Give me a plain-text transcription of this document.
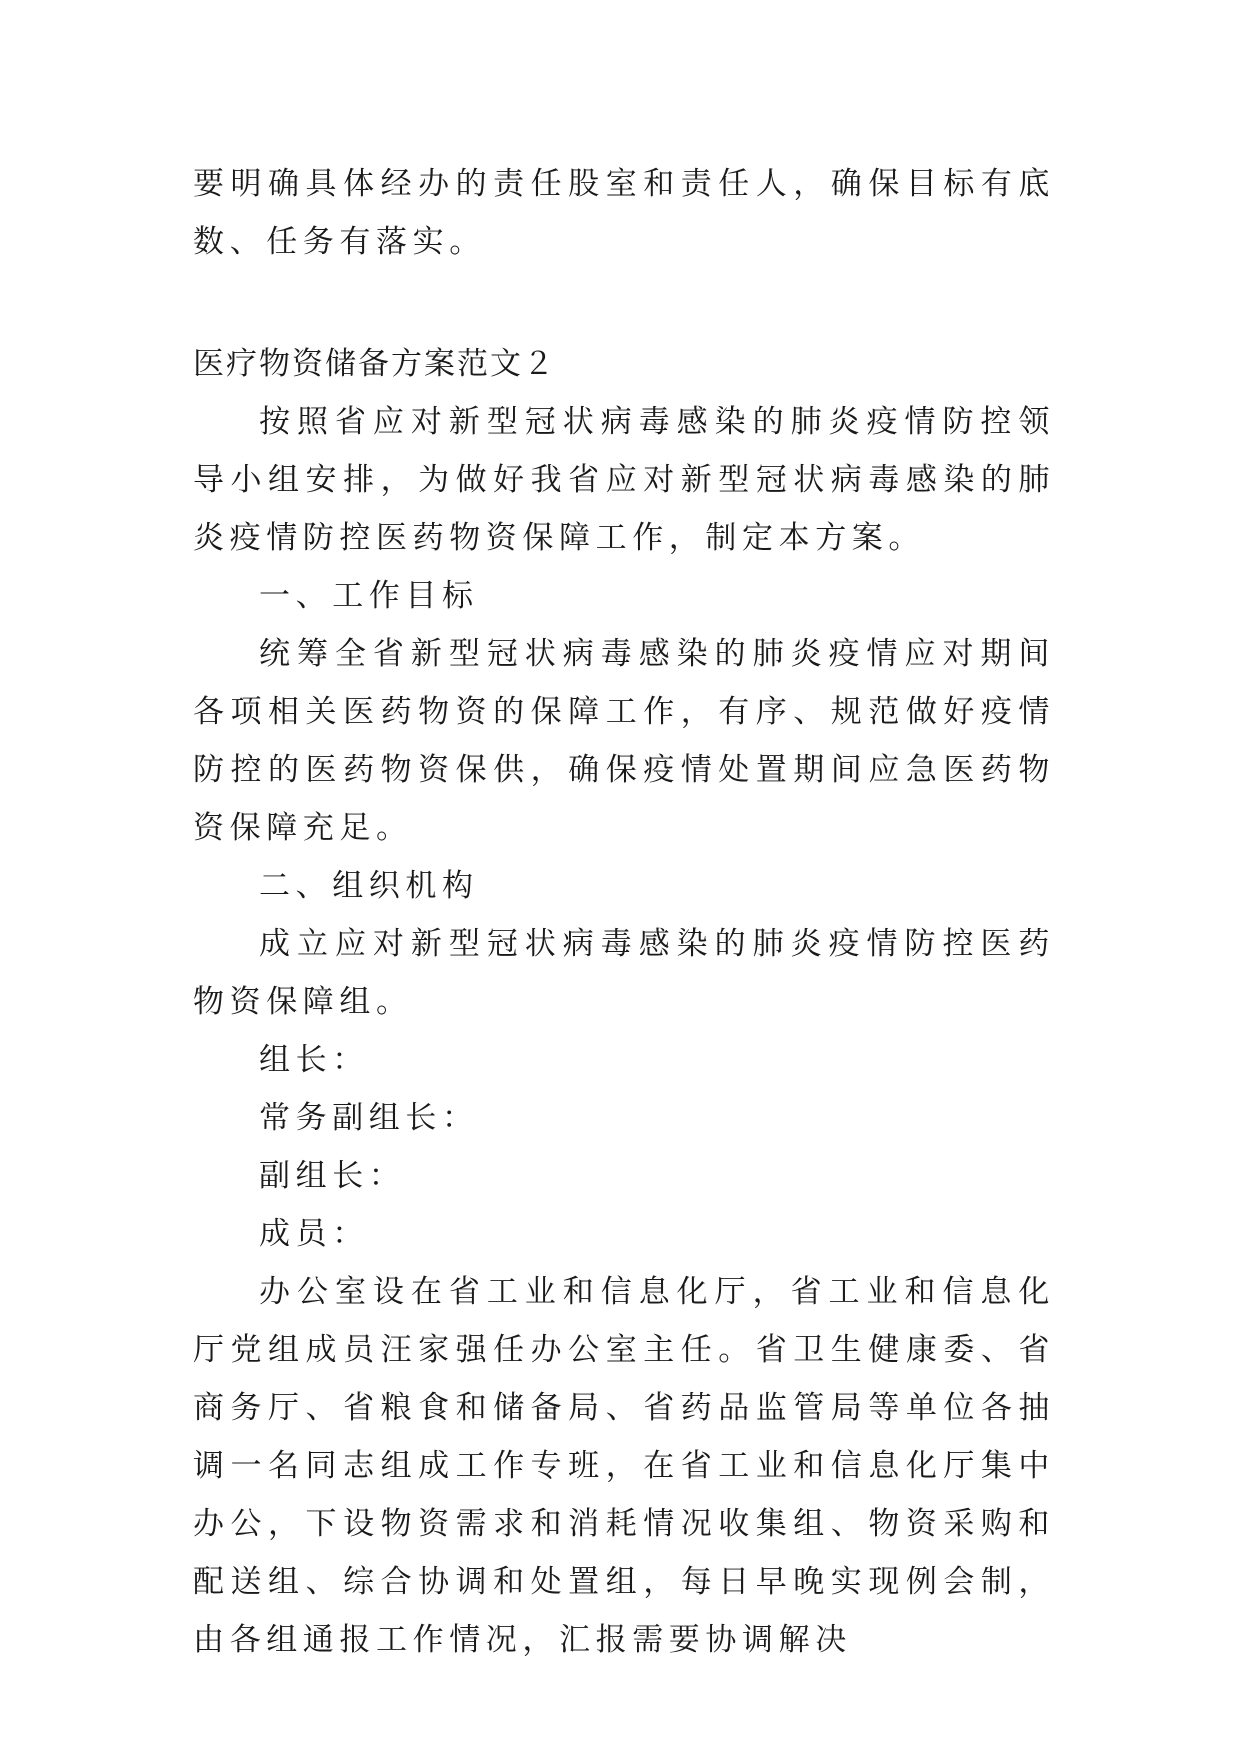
要明确具体经办的责任股室和责任人，确保目标有底数、任务有落实。

医疗物资储备方案范文２

按照省应对新型冠状病毒感染的肺炎疫情防控领导小组安排，为做好我省应对新型冠状病毒感染的肺炎疫情防控医药物资保障工作，制定本方案。

一、工作目标

统筹全省新型冠状病毒感染的肺炎疫情应对期间各项相关医药物资的保障工作，有序、规范做好疫情防控的医药物资保供，确保疫情处置期间应急医药物资保障充足。

二、组织机构

成立应对新型冠状病毒感染的肺炎疫情防控医药物资保障组。

组长：

常务副组长：

副组长：

成员：

办公室设在省工业和信息化厅，省工业和信息化厅党组成员汪家强任办公室主任。省卫生健康委、省商务厅、省粮食和储备局、省药品监管局等单位各抽调一名同志组成工作专班，在省工业和信息化厅集中办公，下设物资需求和消耗情况收集组、物资采购和配送组、综合协调和处置组，每日早晚实现例会制，由各组通报工作情况，汇报需要协调解决
